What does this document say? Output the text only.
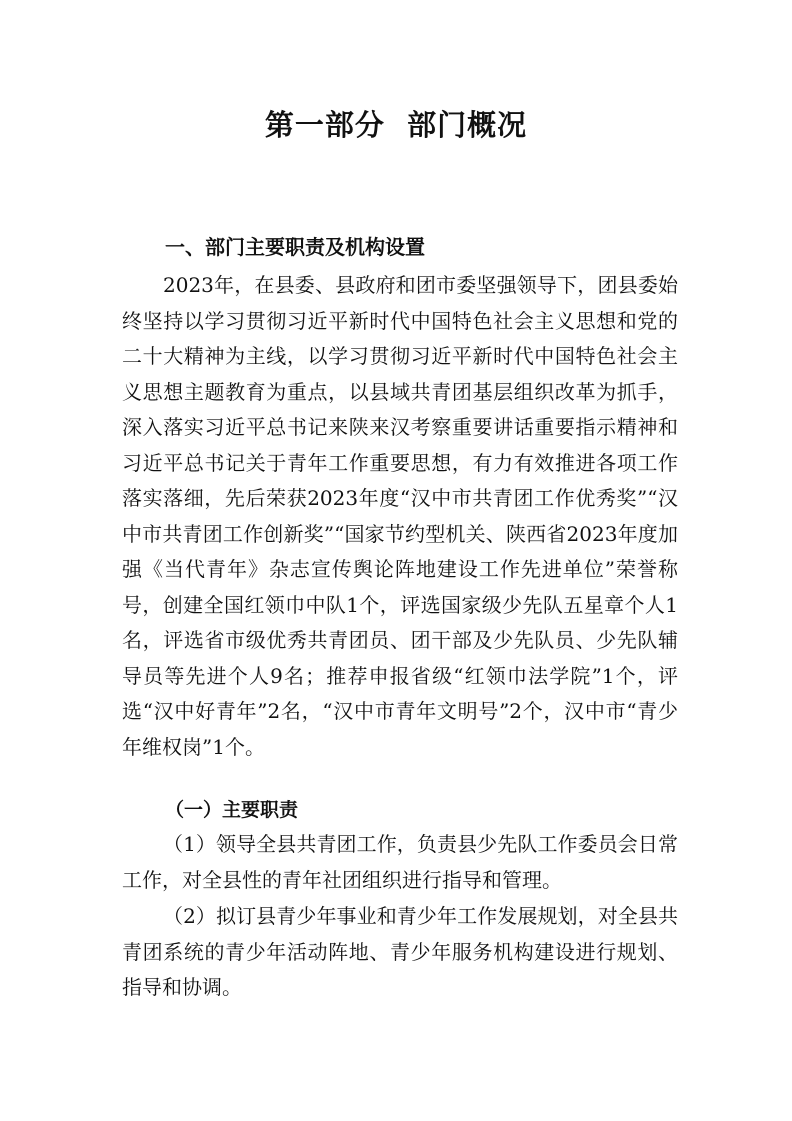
第一部分  部门概况
一、部门主要职责及机构设置
2023年，在县委、县政府和团市委坚强领导下，团县委始终坚持以学习贯彻习近平新时代中国特色社会主义思想和党的二十大精神为主线，以学习贯彻习近平新时代中国特色社会主义思想主题教育为重点，以县域共青团基层组织改革为抓手，深入落实习近平总书记来陕来汉考察重要讲话重要指示精神和习近平总书记关于青年工作重要思想，有力有效推进各项工作落实落细，先后荣获2023年度“汉中市共青团工作优秀奖”“汉中市共青团工作创新奖”“国家节约型机关、陕西省2023年度加强《当代青年》杂志宣传舆论阵地建设工作先进单位”荣誉称号，创建全国红领巾中队1个，评选国家级少先队五星章个人1名，评选省市级优秀共青团员、团干部及少先队员、少先队辅导员等先进个人9名；推荐申报省级“红领巾法学院”1个，评选“汉中好青年”2名，“汉中市青年文明号”2个，汉中市“青少年维权岗”1个。
（一）主要职责
（1）领导全县共青团工作，负责县少先队工作委员会日常工作，对全县性的青年社团组织进行指导和管理。
（2）拟订县青少年事业和青少年工作发展规划，对全县共青团系统的青少年活动阵地、青少年服务机构建设进行规划、指导和协调。
